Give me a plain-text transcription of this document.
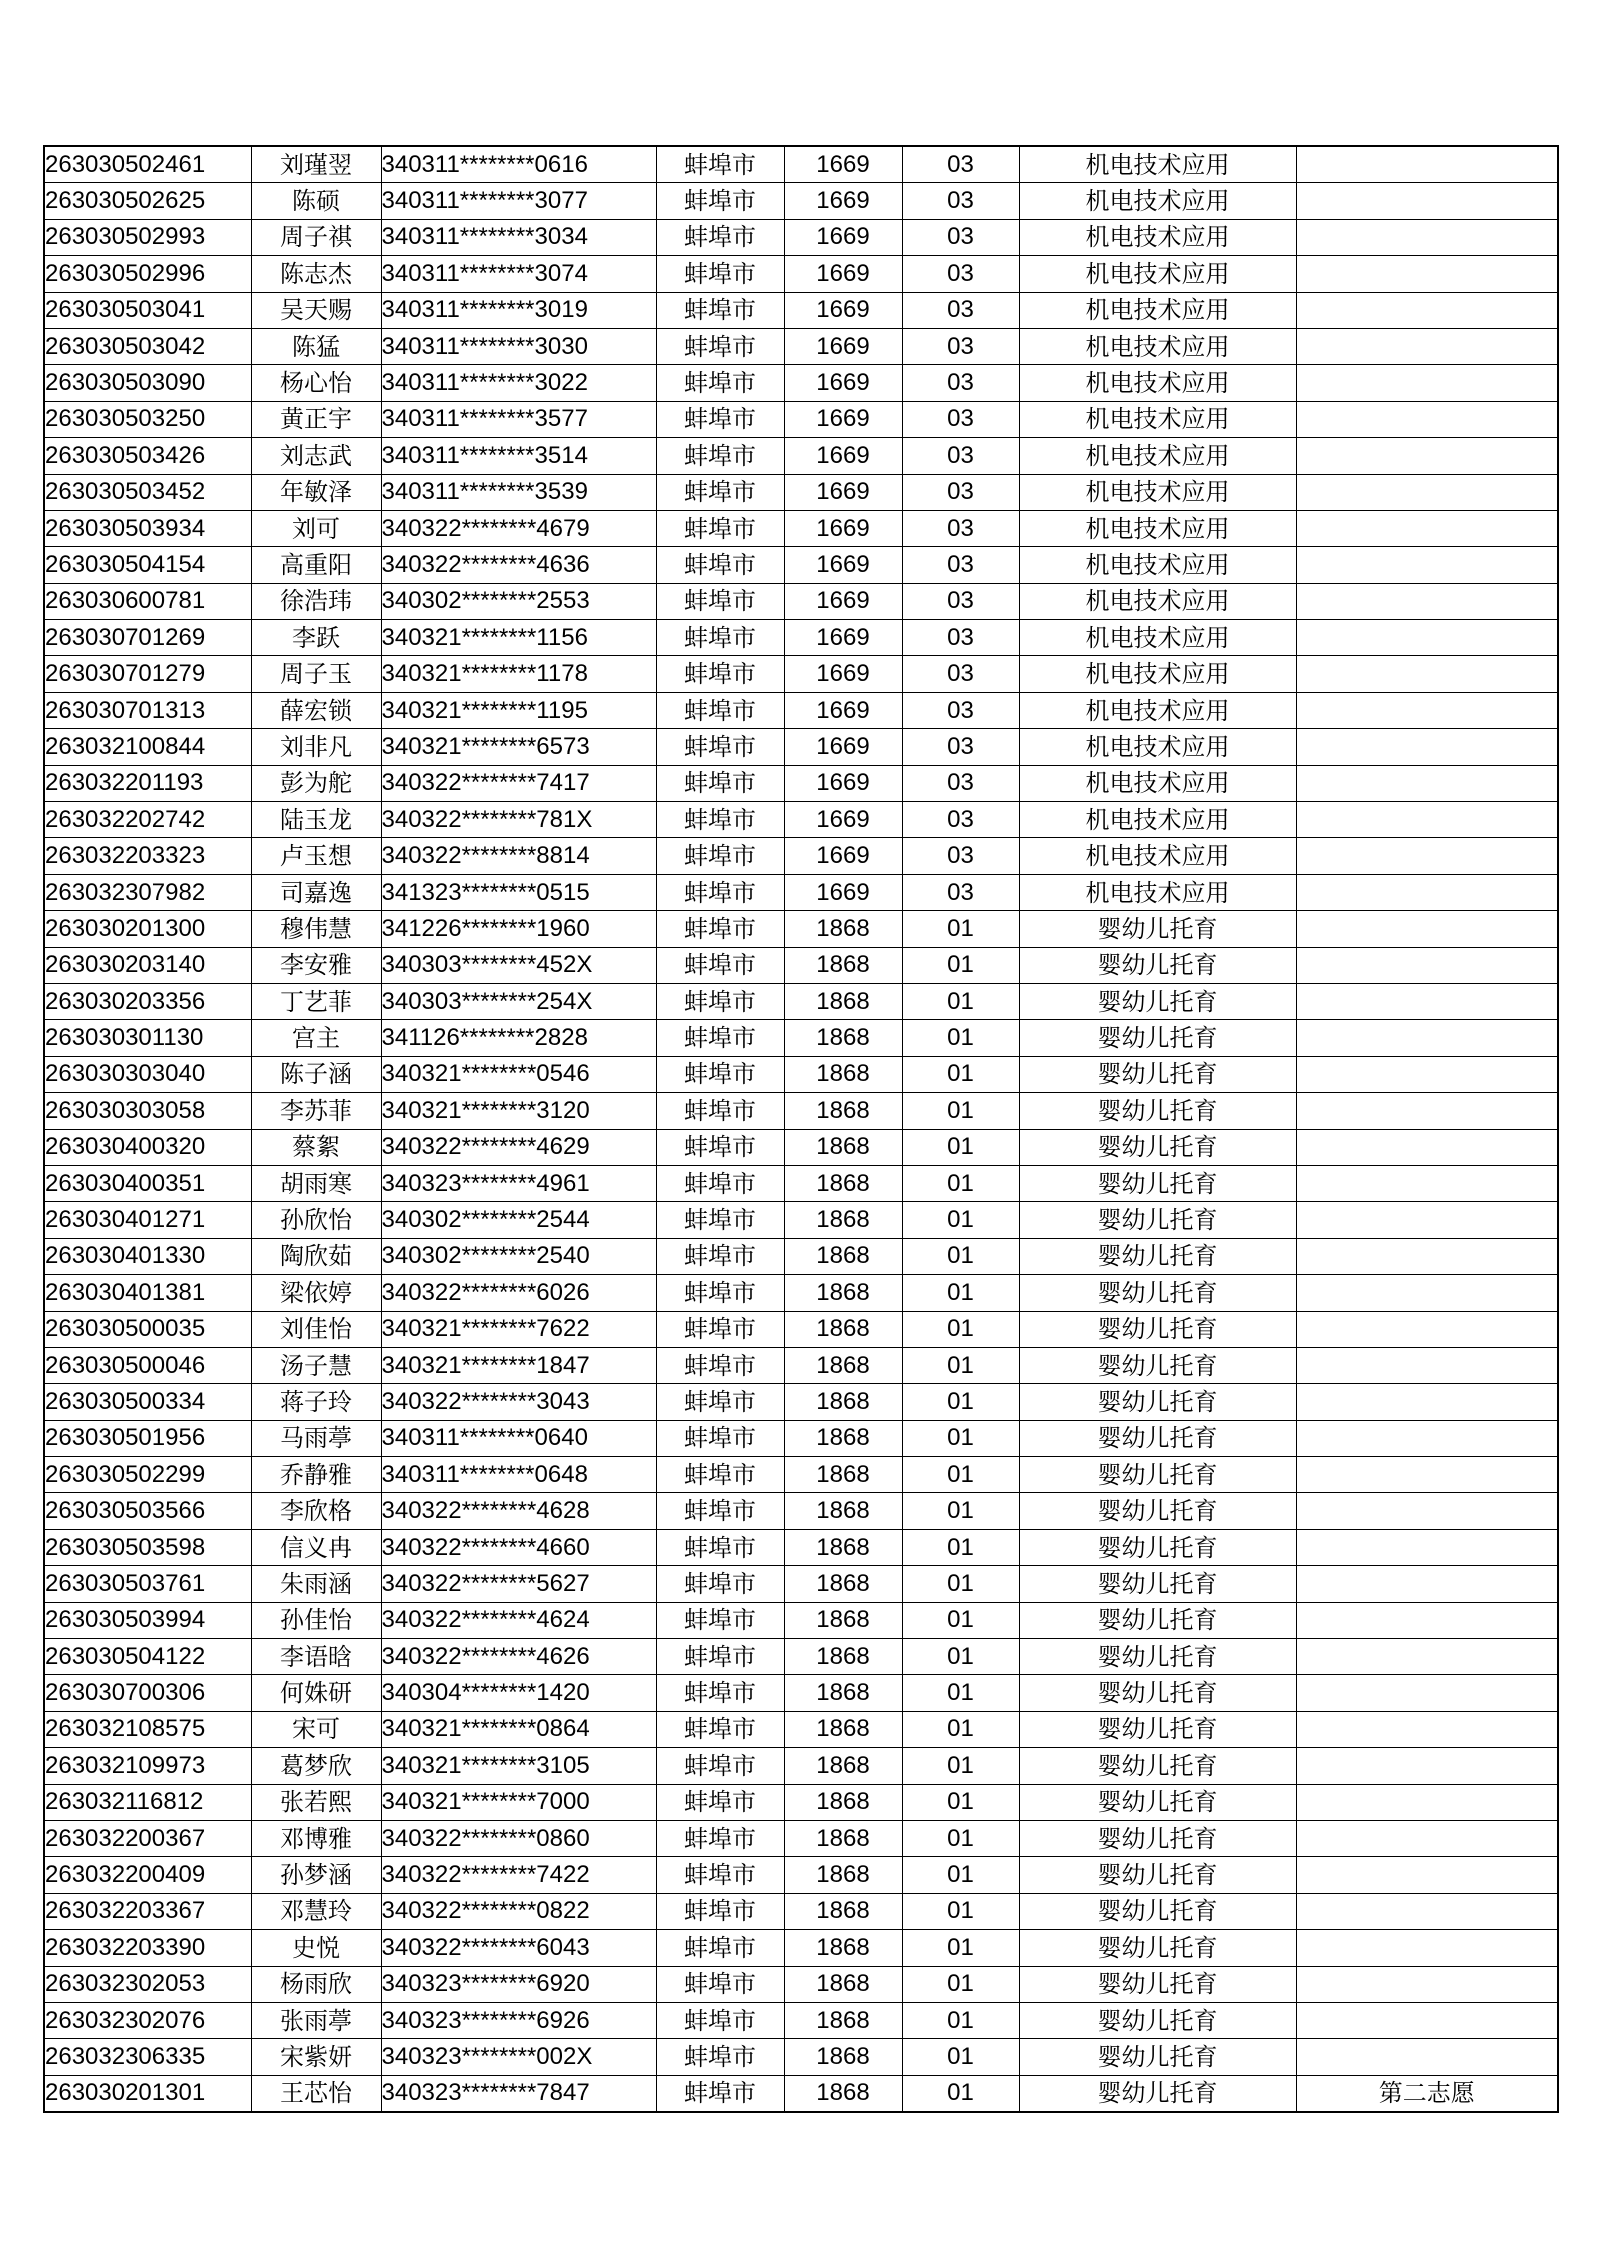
263030502461	刘瑾翌	340311********0616	蚌埠市	1669	03	机电技术应用	
263030502625	陈硕	340311********3077	蚌埠市	1669	03	机电技术应用	
263030502993	周子祺	340311********3034	蚌埠市	1669	03	机电技术应用	
263030502996	陈志杰	340311********3074	蚌埠市	1669	03	机电技术应用	
263030503041	吴天赐	340311********3019	蚌埠市	1669	03	机电技术应用	
263030503042	陈猛	340311********3030	蚌埠市	1669	03	机电技术应用	
263030503090	杨心怡	340311********3022	蚌埠市	1669	03	机电技术应用	
263030503250	黄正宇	340311********3577	蚌埠市	1669	03	机电技术应用	
263030503426	刘志武	340311********3514	蚌埠市	1669	03	机电技术应用	
263030503452	年敏泽	340311********3539	蚌埠市	1669	03	机电技术应用	
263030503934	刘可	340322********4679	蚌埠市	1669	03	机电技术应用	
263030504154	高重阳	340322********4636	蚌埠市	1669	03	机电技术应用	
263030600781	徐浩玮	340302********2553	蚌埠市	1669	03	机电技术应用	
263030701269	李跃	340321********1156	蚌埠市	1669	03	机电技术应用	
263030701279	周子玉	340321********1178	蚌埠市	1669	03	机电技术应用	
263030701313	薛宏锁	340321********1195	蚌埠市	1669	03	机电技术应用	
263032100844	刘非凡	340321********6573	蚌埠市	1669	03	机电技术应用	
263032201193	彭为舵	340322********7417	蚌埠市	1669	03	机电技术应用	
263032202742	陆玉龙	340322********781X	蚌埠市	1669	03	机电技术应用	
263032203323	卢玉想	340322********8814	蚌埠市	1669	03	机电技术应用	
263032307982	司嘉逸	341323********0515	蚌埠市	1669	03	机电技术应用	
263030201300	穆伟慧	341226********1960	蚌埠市	1868	01	婴幼儿托育	
263030203140	李安雅	340303********452X	蚌埠市	1868	01	婴幼儿托育	
263030203356	丁艺菲	340303********254X	蚌埠市	1868	01	婴幼儿托育	
263030301130	宫主	341126********2828	蚌埠市	1868	01	婴幼儿托育	
263030303040	陈子涵	340321********0546	蚌埠市	1868	01	婴幼儿托育	
263030303058	李苏菲	340321********3120	蚌埠市	1868	01	婴幼儿托育	
263030400320	蔡絮	340322********4629	蚌埠市	1868	01	婴幼儿托育	
263030400351	胡雨寒	340323********4961	蚌埠市	1868	01	婴幼儿托育	
263030401271	孙欣怡	340302********2544	蚌埠市	1868	01	婴幼儿托育	
263030401330	陶欣茹	340302********2540	蚌埠市	1868	01	婴幼儿托育	
263030401381	梁依婷	340322********6026	蚌埠市	1868	01	婴幼儿托育	
263030500035	刘佳怡	340321********7622	蚌埠市	1868	01	婴幼儿托育	
263030500046	汤子慧	340321********1847	蚌埠市	1868	01	婴幼儿托育	
263030500334	蒋子玲	340322********3043	蚌埠市	1868	01	婴幼儿托育	
263030501956	马雨葶	340311********0640	蚌埠市	1868	01	婴幼儿托育	
263030502299	乔静雅	340311********0648	蚌埠市	1868	01	婴幼儿托育	
263030503566	李欣格	340322********4628	蚌埠市	1868	01	婴幼儿托育	
263030503598	信义冉	340322********4660	蚌埠市	1868	01	婴幼儿托育	
263030503761	朱雨涵	340322********5627	蚌埠市	1868	01	婴幼儿托育	
263030503994	孙佳怡	340322********4624	蚌埠市	1868	01	婴幼儿托育	
263030504122	李语晗	340322********4626	蚌埠市	1868	01	婴幼儿托育	
263030700306	何姝研	340304********1420	蚌埠市	1868	01	婴幼儿托育	
263032108575	宋可	340321********0864	蚌埠市	1868	01	婴幼儿托育	
263032109973	葛梦欣	340321********3105	蚌埠市	1868	01	婴幼儿托育	
263032116812	张若熙	340321********7000	蚌埠市	1868	01	婴幼儿托育	
263032200367	邓博雅	340322********0860	蚌埠市	1868	01	婴幼儿托育	
263032200409	孙梦涵	340322********7422	蚌埠市	1868	01	婴幼儿托育	
263032203367	邓慧玲	340322********0822	蚌埠市	1868	01	婴幼儿托育	
263032203390	史悦	340322********6043	蚌埠市	1868	01	婴幼儿托育	
263032302053	杨雨欣	340323********6920	蚌埠市	1868	01	婴幼儿托育	
263032302076	张雨葶	340323********6926	蚌埠市	1868	01	婴幼儿托育	
263032306335	宋紫妍	340323********002X	蚌埠市	1868	01	婴幼儿托育	
263030201301	王芯怡	340323********7847	蚌埠市	1868	01	婴幼儿托育	第二志愿
